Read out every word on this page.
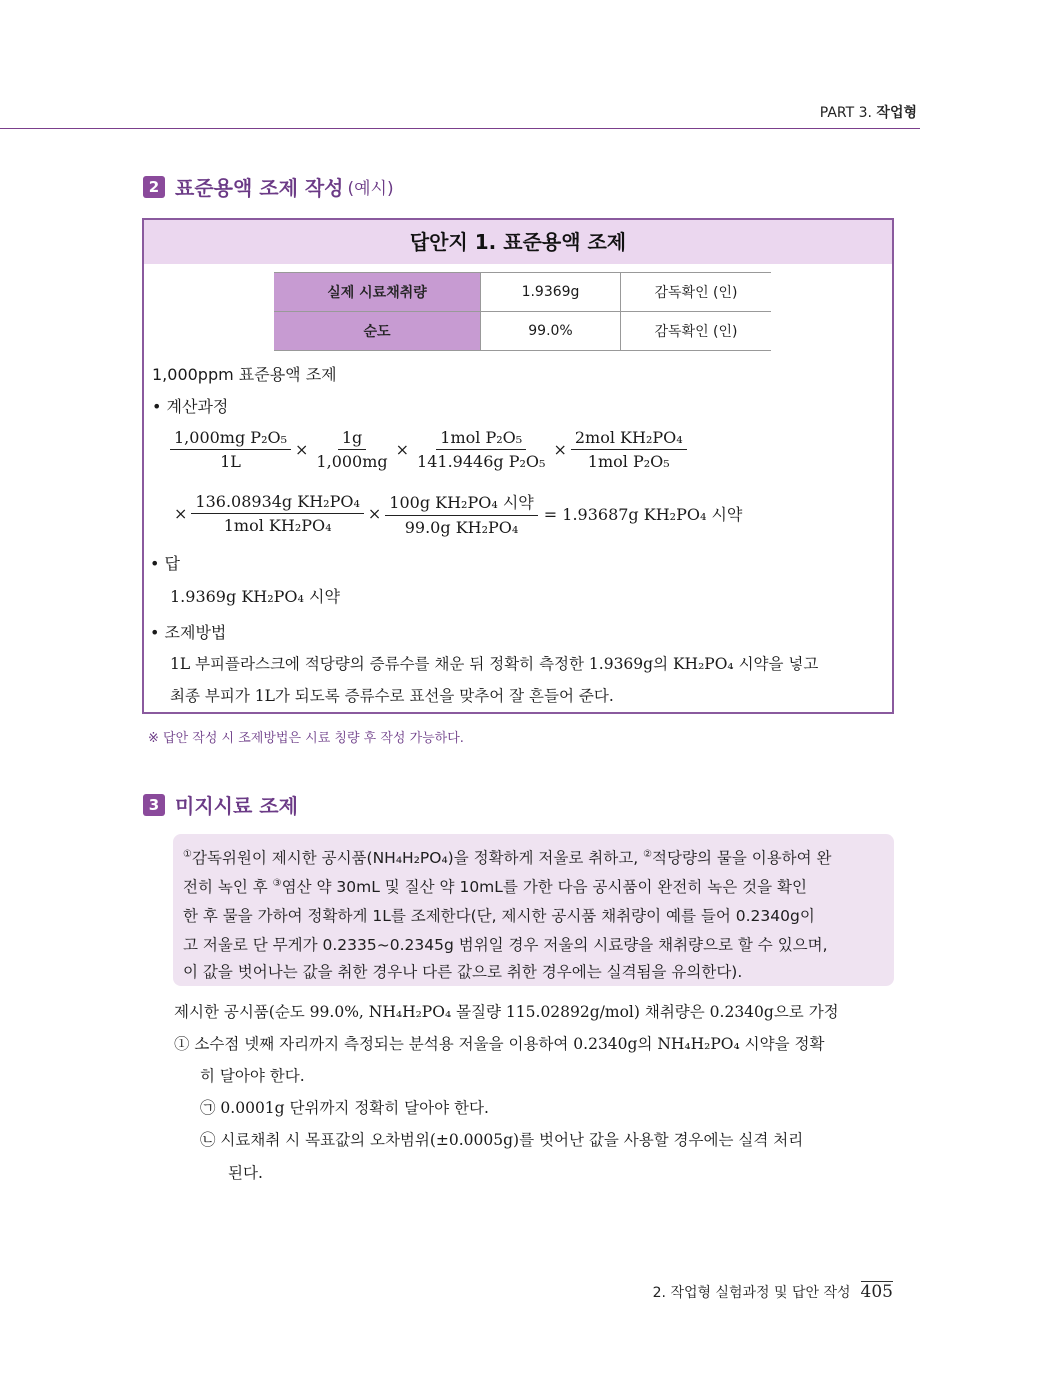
PART 3. 작업형
2 표준용액 조제 작성 (예시)
답안지 1. 표준용액 조제
실제 시료채취량	1.9369g	감독확인 (인)
순도	99.0%	감독확인 (인)
1,000ppm 표준용액 조제
• 계산과정
$\frac{\text{1,000mg P₂O₅}}{1L} \times \frac{1g}{1,000mg} \times \frac{\text{1mol P₂O₅}}{\text{141.9446g P₂O₅}} \times \frac{\text{2mol KH₂PO₄}}{\text{1mol P₂O₅}}$
× $\frac{\text{136.08934g KH₂PO₄}}{\text{1mol KH₂PO₄}} \times \frac{\text{100g KH₂PO₄ 시약}}{\text{99.0g KH₂PO₄}} = 1.93687g$ KH₂PO₄ 시약
• 답
1.9369g KH₂PO₄ 시약
• 조제방법
1L 부피플라스크에 적당량의 증류수를 채운 뒤 정확히 측정한 1.9369g의 KH₂PO₄ 시약을 넣고
최종 부피가 1L가 되도록 증류수로 표선을 맞추어 잘 흔들어 준다.
※ 답안 작성 시 조제방법은 시료 칭량 후 작성 가능하다.
3 미지시료 조제
①감독위원이 제시한 공시품(NH₄H₂PO₄)을 정확하게 저울로 취하고, ②적당량의 물을 이용하여 완
전히 녹인 후 ③염산 약 30mL 및 질산 약 10mL를 가한 다음 공시품이 완전히 녹은 것을 확인
한 후 물을 가하여 정확하게 1L를 조제한다(단, 제시한 공시품 채취량이 예를 들어 0.2340g이
고 저울로 단 무게가 0.2335~0.2345g 범위일 경우 저울의 시료량을 채취량으로 할 수 있으며,
이 값을 벗어나는 값을 취한 경우나 다른 값으로 취한 경우에는 실격됨을 유의한다).
제시한 공시품(순도 99.0%, NH₄H₂PO₄ 몰질량 115.02892g/mol) 채취량은 0.2340g으로 가정
① 소수점 넷째 자리까지 측정되는 분석용 저울을 이용하여 0.2340g의 NH₄H₂PO₄ 시약을 정확
히 달아야 한다.
㉠ 0.0001g 단위까지 정확히 달아야 한다.
㉡ 시료채취 시 목표값의 오차범위(±0.0005g)를 벗어난 값을 사용할 경우에는 실격 처리
된다.
2. 작업형 실험과정 및 답안 작성 405
